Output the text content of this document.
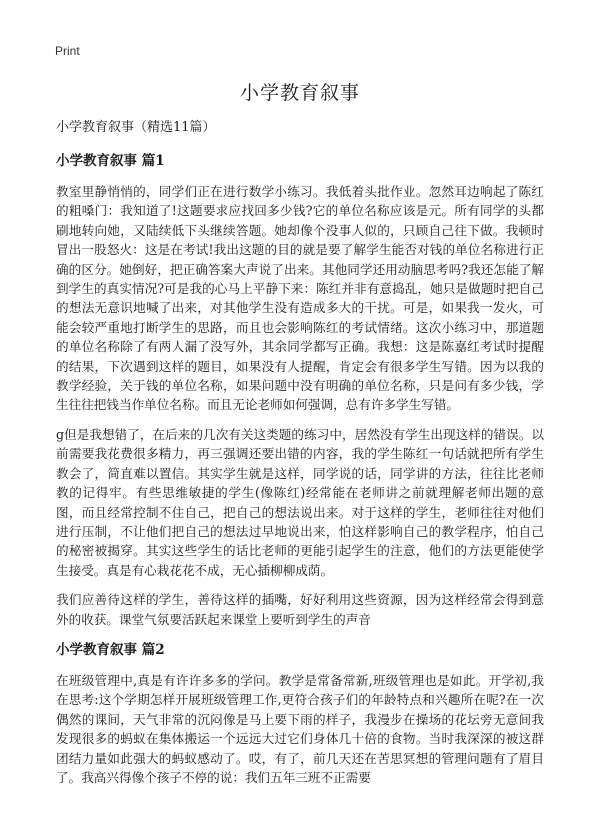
Print
小学教育叙事

小学教育叙事（精选11篇）

小学教育叙事 篇1

教室里静悄悄的，同学们正在进行数学小练习。我低着头批作业。忽然耳边响起了陈红的粗嗓门：我知道了!这题要求应找回多少钱?它的单位名称应该是元。所有同学的头都刷地转向她，又陆续低下头继续答题。她却像个没事人似的，只顾自己往下做。我顿时冒出一股怒火：这是在考试!我出这题的目的就是要了解学生能否对钱的单位名称进行正确的区分。她倒好，把正确答案大声说了出来。其他同学还用动脑思考吗?我还怎能了解到学生的真实情况?可是我的心马上平静下来：陈红并非有意捣乱，她只是做题时把自己的想法无意识地喊了出来，对其他学生没有造成多大的干扰。可是，如果我一发火，可能会较严重地打断学生的思路，而且也会影响陈红的考试情绪。这次小练习中，那道题的单位名称除了有两人漏了没写外，其余同学都写正确。我想：这是陈嘉红考试时提醒的结果，下次遇到这样的题目，如果没有人提醒，肯定会有很多学生写错。因为以我的教学经验，关于钱的单位名称，如果问题中没有明确的单位名称，只是问有多少钱，学生往往把钱当作单位名称。而且无论老师如何强调，总有许多学生写错。

g但是我想错了，在后来的几次有关这类题的练习中，居然没有学生出现这样的错误。以前需要我花费很多精力，再三强调还要出错的内容，我的学生陈红一句话就把所有学生教会了，简直难以置信。其实学生就是这样，同学说的话，同学讲的方法，往往比老师教的记得牢。有些思维敏捷的学生(像陈红)经常能在老师讲之前就理解老师出题的意图，而且经常控制不住自己，把自己的想法说出来。对于这样的学生，老师往往对他们进行压制，不让他们把自己的想法过早地说出来，怕这样影响自己的教学程序，怕自己的秘密被揭穿。其实这些学生的话比老师的更能引起学生的注意，他们的方法更能使学生接受。真是有心栽花花不成，无心插柳柳成荫。

我们应善待这样的学生，善待这样的插嘴，好好利用这些资源，因为这样经常会得到意外的收获。课堂气氛要活跃起来课堂上要听到学生的声音

小学教育叙事 篇2

在班级管理中,真是有许许多多的学问。教学是常备常新,班级管理也是如此。开学初,我在思考:这个学期怎样开展班级管理工作,更符合孩子们的年龄特点和兴趣所在呢?在一次偶然的课间，天气非常的沉闷像是马上要下雨的样子，我漫步在操场的花坛旁无意间我发现很多的蚂蚁在集体搬运一个远远大过它们身体几十倍的食物。当时我深深的被这群团结力量如此强大的蚂蚁感动了。哎，有了，前几天还在苦思冥想的管理问题有了眉目了。我高兴得像个孩子不停的说：我们五年三班不正需要
